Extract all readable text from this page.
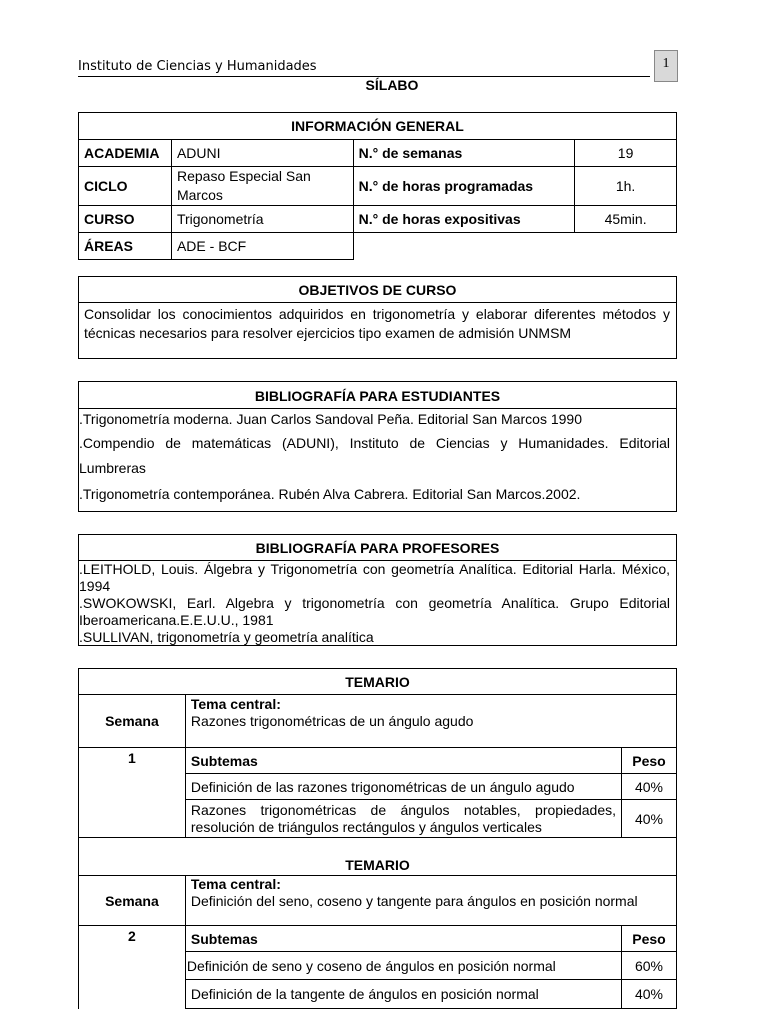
Instituto de Ciencias y Humanidades	1
SÍLABO
INFORMACIÓN GENERAL			
ACADEMIA	ADUNI	N.° de semanas	19
CICLO	Repaso Especial San Marcos	N.° de horas programadas	1h.
CURSO	Trigonometría	N.° de horas expositivas	45min.
ÁREAS	ADE - BCF		
OBJETIVOS DE CURSO
Consolidar los conocimientos adquiridos en trigonometría y elaborar diferentes métodos y técnicas necesarios para resolver ejercicios tipo examen de admisión UNMSM
BIBLIOGRAFÍA PARA ESTUDIANTES
.Trigonometría moderna. Juan Carlos Sandoval Peña. Editorial San Marcos 1990
.Compendio de matemáticas (ADUNI), Instituto de Ciencias y Humanidades. Editorial Lumbreras
.Trigonometría contemporánea. Rubén Alva Cabrera. Editorial San Marcos.2002.
BIBLIOGRAFÍA PARA PROFESORES
.LEITHOLD, Louis. Álgebra y Trigonometría con geometría Analítica. Editorial Harla. México, 1994
.SWOKOWSKI, Earl. Algebra y trigonometría con geometría Analítica. Grupo Editorial Iberoamericana.E.E.U.U., 1981
.SULLIVAN, trigonometría y geometría analítica
TEMARIO		
Semana	Tema central:
Razones trigonométricas de un ángulo agudo	

1	Subtemas	Peso
	Definición de las razones trigonométricas de un ángulo agudo	40%
	Razones trigonométricas de ángulos notables, propiedades, resolución de triángulos rectángulos y ángulos verticales	40%
TEMARIO		
Semana	Tema central:
Definición del seno, coseno y tangente para ángulos en posición normal	

2	Subtemas	Peso
	Definición de seno y coseno de ángulos en posición normal	60%
	Definición de la tangente de ángulos en posición normal	40%
